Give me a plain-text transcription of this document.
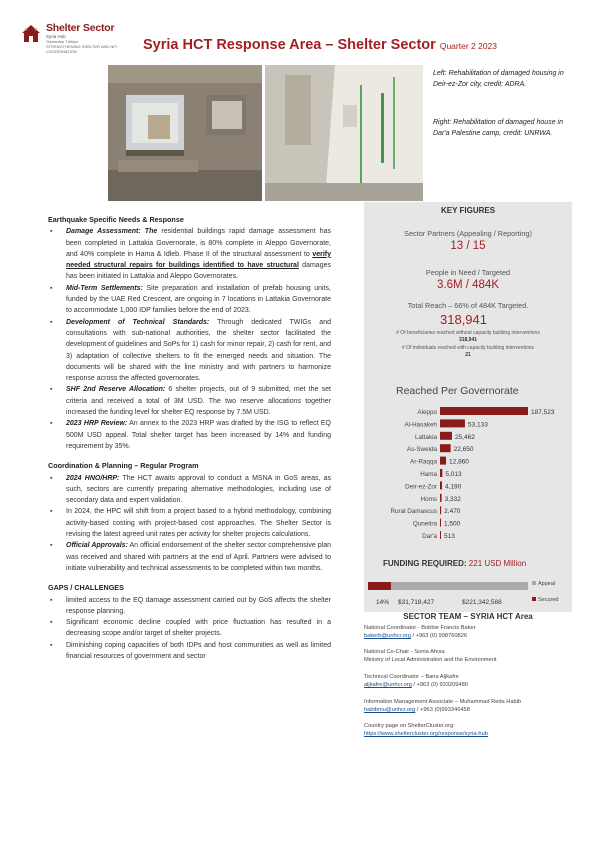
Shelter Sector
Syria Hub
Gaziantep Türkiye
STRENGTHENING SHELTER AND NFI COORDINATION	Syria HCT Response Area – Shelter Sector Quarter 2 2023
Left: Rehabilitation of damaged housing in Deir-ez-Zor city, credit: ADRA.
Right: Rehabilitation of damaged house in Dar'a Palestine camp, credit: UNRWA.
Earthquake Specific Needs & Response
▪ Damage Assessment: The residential buildings rapid damage assessment has been completed in Lattakia Governorate, is 80% complete in Aleppo Governorate, and 40% complete in Hama & Idleb. Phase II of the structural assessment to verify needed structural repairs for buildings identified to have structural damages has been initiated in Lattakia and Aleppo Governorates.
▪ Mid-Term Settlements: Site preparation and installation of prefab housing units, funded by the UAE Red Crescent, are ongoing in 7 locations in Lattakia Governorate to accommodate 1,000 IDP families before the end of 2023.
▪ Development of Technical Standards: Through dedicated TWIGs and consultations with sub-national authorities, the shelter sector facilitated the development of guidelines and SoPs for 1) cash for minor repair, 2) cash for rent, and 3) adaptation of collective shelters to fit the emerged needs and situation. The documents will be shared with the line ministry and with partners to harmonize response across the affected governorates.
▪ SHF 2nd Reserve Allocation: 6 shelter projects, out of 9 submitted, met the set criteria and received a total of 3M USD. The two reserve allocations together increased the funding level for shelter EQ response by 7.5M USD.
▪ 2023 HRP Review: An annex to the 2023 HRP was drafted by the ISG to reflect EQ 500M USD appeal. Total shelter target has been increased by 14% and funding requirement by 35%.
Coordination & Planning – Regular Program
▪ 2024 HNO/HRP: The HCT awaits approval to conduct a MSNA in GoS areas, as such, sectors are currently preparing alternative methodologies, including use of secondary data and expert validation.
▪ In 2024, the HPC will shift from a project based to a hybrid methodology, combining activity-based costing with project-based cost approaches. The Shelter Sector is revising the latest agreed unit rates per activity for shelter projects calculations.
▪ Official Approvals: An official endorsement of the shelter sector comprehensive plan was received and shared with partners at the end of April. Partners were advised to initiate vulnerability and technical assessments to be completed within two months.
GAPS / CHALLENGES
▪ limited access to the EQ damage assessment carried out by GoS affects the shelter response planning.
▪ Significant economic decline coupled with price fluctuation has resulted in a decreasing scope and/or target of shelter projects.
▪ Diminishing coping capacities of both IDPs and host communities as well as limited financial resources of government and sector
KEY FIGURES
Sector Partners (Appealing / Reporting)
13 / 15
People in Need / Targeted
3.6M / 484K
Total Reach – 66% of 484K Targeted.
318,941
# Of beneficiaries reached without capacity building interventions
318,941
# Of individuals reached with capacity building interventions
21
Reached Per Governorate
Aleppo	187,523
Al-Hasakeh	53,133
Lattakia	25,462
As-Sweida	22,650
Ar-Raqqa 12,860
Hama 5,013
Deir-ez-Zor 4,190
Homs 3,332
Rural Damascus 2,470
Quneitra 1,500
Dar'a 513
FUNDING REQUIRED: 221 USD Million
Appeal
Secured
14% $31,718,427	$221,342,588
SECTOR TEAM – SYRIA HCT Area
National Coordinator - Bobbie Francis Baker
bakerb@unhcr.org / +963 (0) 998760826
National Co-Chair - Sonia Afesa
Ministry of Local Administration and the Environment
Technical Coordinator – Bana Aljkafre
aljkafre@unhcr.org / +963 (0) 933209480
Information Management Associate – Muhammad Reda Habib
habibmu@unhcr.org / +963 (0)993346458
Country page on ShelterCluster.org:
https://www.sheltercluster.org/response/syria-hub
